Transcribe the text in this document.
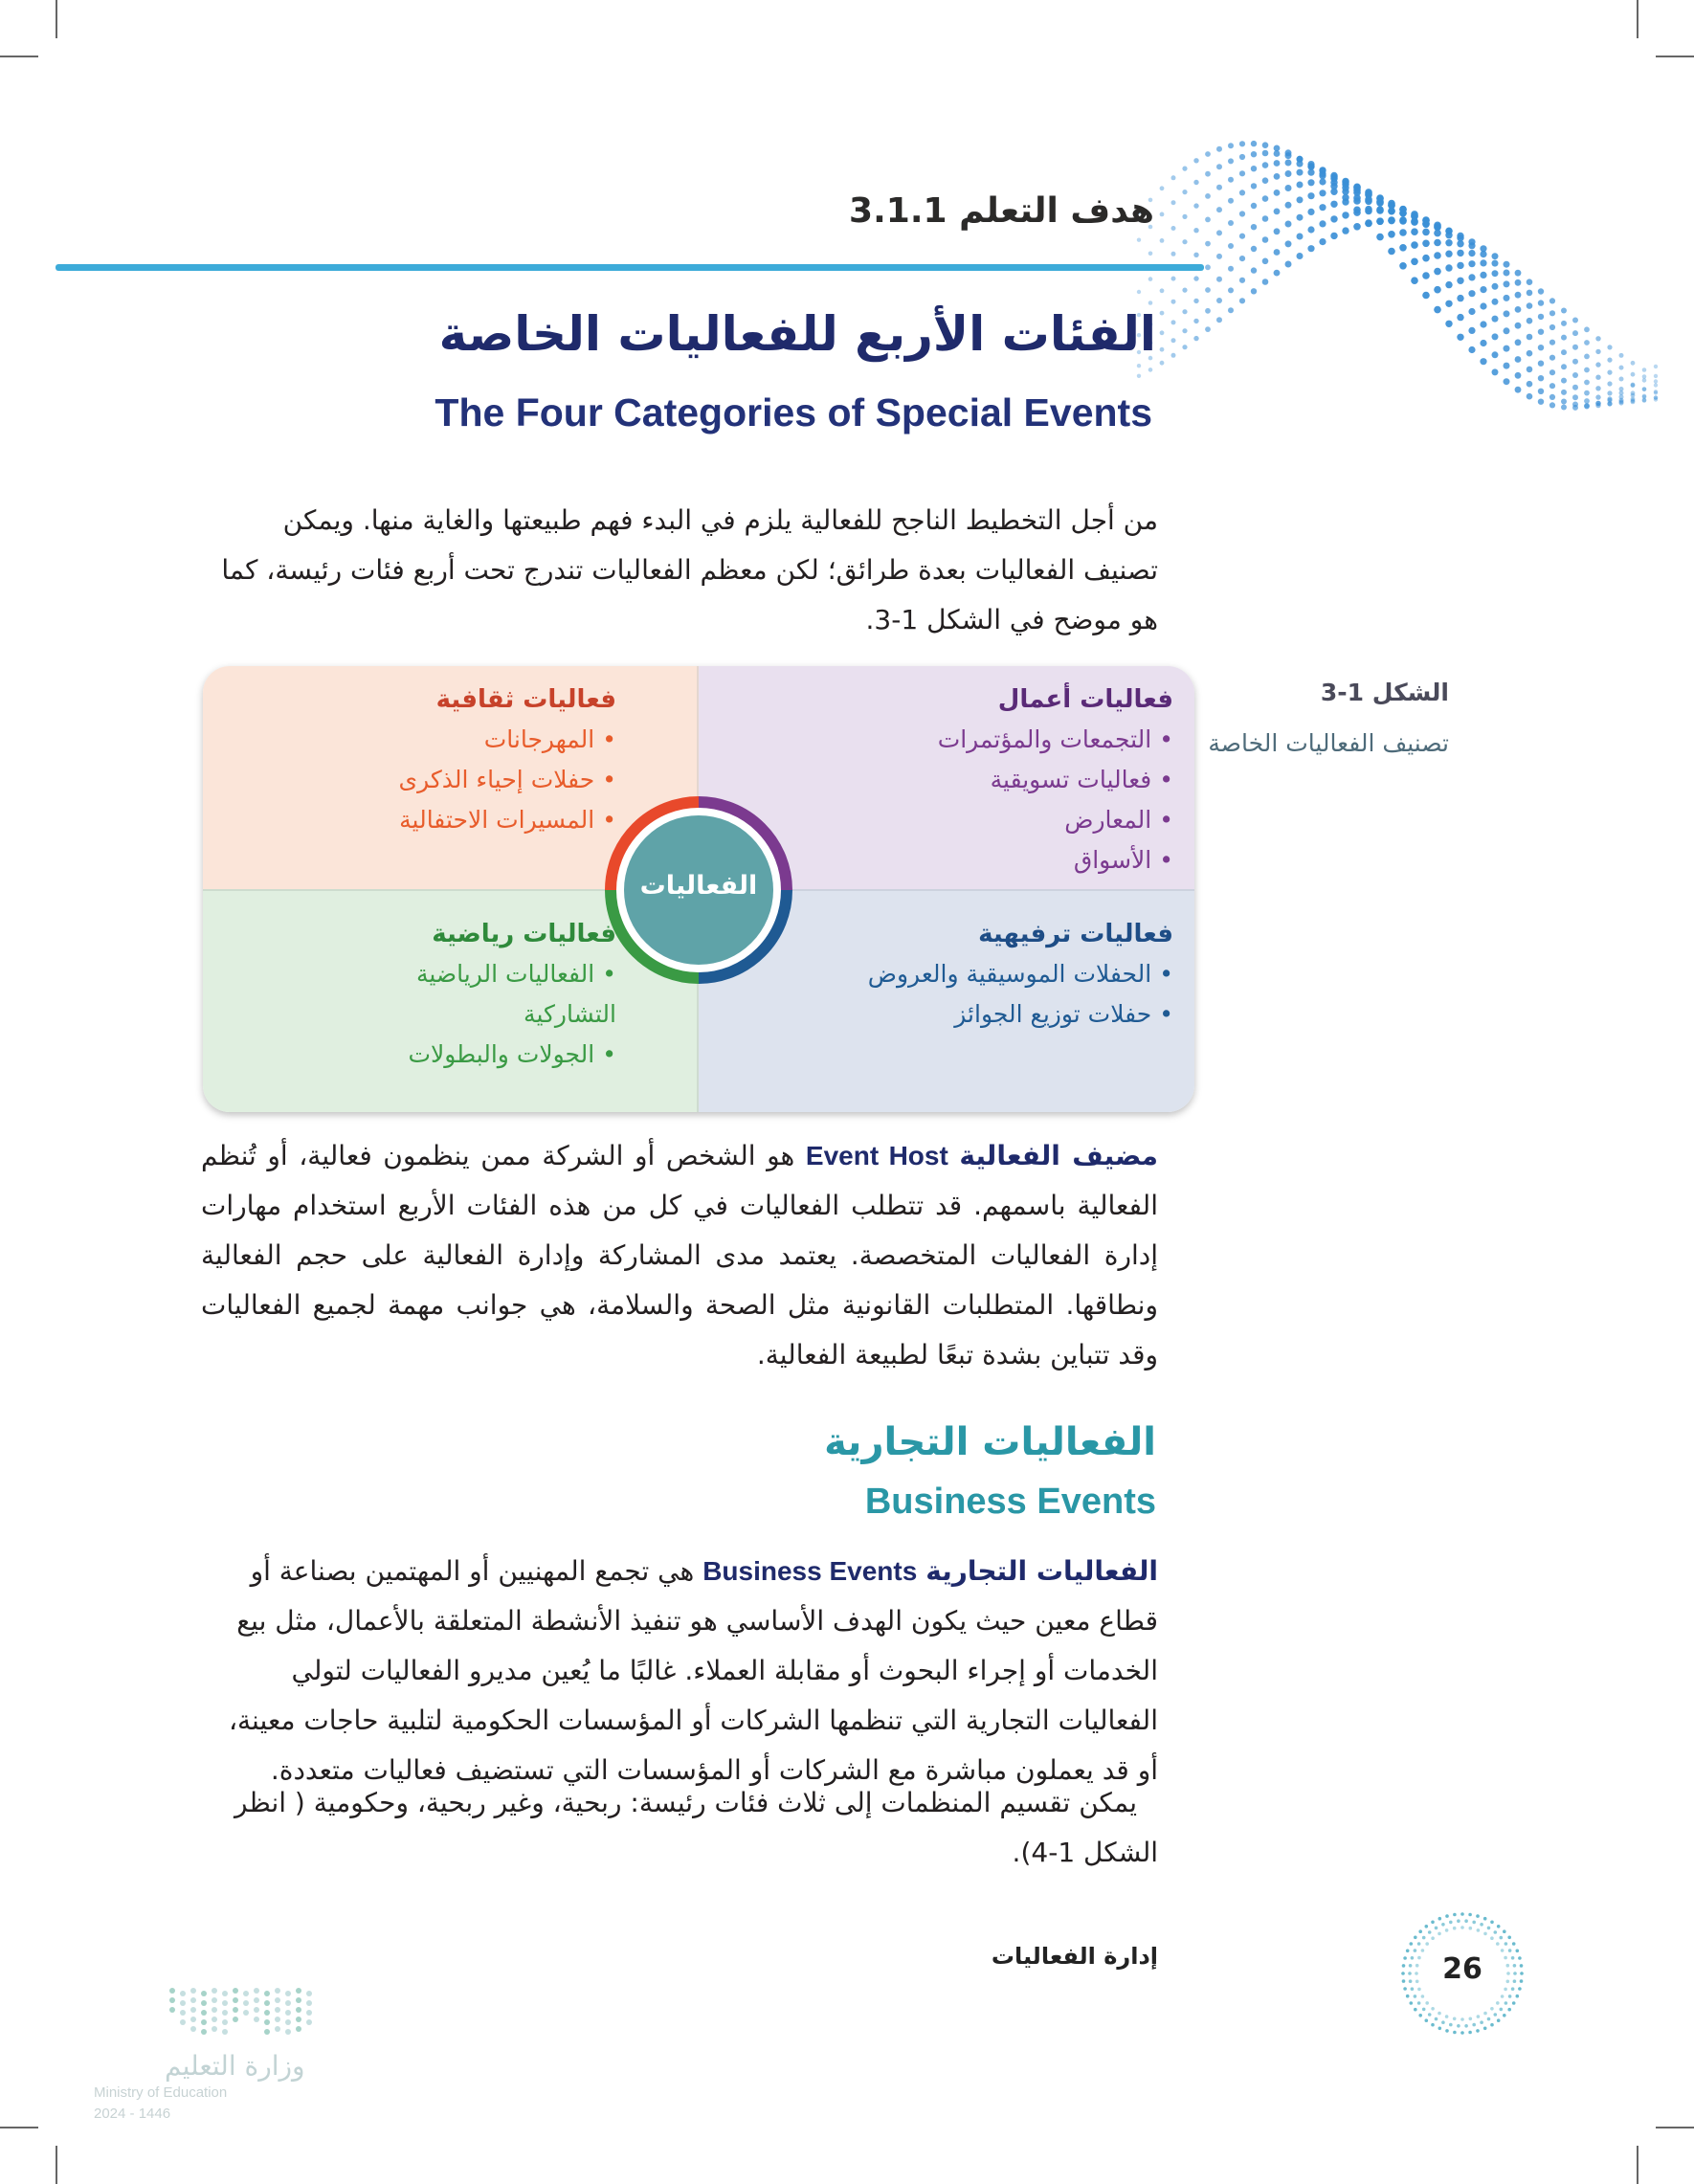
هدف التعلم 3.1.1
الفئات الأربع للفعاليات الخاصة
The Four Categories of Special Events

من أجل التخطيط الناجح للفعالية يلزم في البدء فهم طبيعتها والغاية منها. ويمكن تصنيف الفعاليات بعدة طرائق؛ لكن معظم الفعاليات تندرج تحت أربع فئات رئيسة، كما هو موضح في الشكل 1-3.

الشكل 1-3
تصنيف الفعاليات الخاصة
فعاليات أعمال
• التجمعات والمؤتمرات
• فعاليات تسويقية
• المعارض
• الأسواق
فعاليات ثقافية
• المهرجانات
• حفلات إحياء الذكرى
• المسيرات الاحتفالية
فعاليات ترفيهية
• الحفلات الموسيقية والعروض
• حفلات توزيع الجوائز
فعاليات رياضية
• الفعاليات الرياضية التشاركية
• الجولات والبطولات
الفعاليات

مضيف الفعالية Event Host هو الشخص أو الشركة ممن ينظمون فعالية، أو تُنظم الفعالية باسمهم. قد تتطلب الفعاليات في كل من هذه الفئات الأربع استخدام مهارات إدارة الفعاليات المتخصصة. يعتمد مدى المشاركة وإدارة الفعالية على حجم الفعالية ونطاقها. المتطلبات القانونية مثل الصحة والسلامة، هي جوانب مهمة لجميع الفعاليات وقد تتباين بشدة تبعًا لطبيعة الفعالية.

الفعاليات التجارية
Business Events

الفعاليات التجارية Business Events هي تجمع المهنيين أو المهتمين بصناعة أو قطاع معين حيث يكون الهدف الأساسي هو تنفيذ الأنشطة المتعلقة بالأعمال، مثل بيع الخدمات أو إجراء البحوث أو مقابلة العملاء. غالبًا ما يُعين مديرو الفعاليات لتولي الفعاليات التجارية التي تنظمها الشركات أو المؤسسات الحكومية لتلبية حاجات معينة، أو قد يعملون مباشرة مع الشركات أو المؤسسات التي تستضيف فعاليات متعددة.

يمكن تقسيم المنظمات إلى ثلاث فئات رئيسة: ربحية، وغير ربحية، وحكومية ( انظر الشكل 1-4).

26
إدارة الفعاليات
وزارة التعليم
Ministry of Education
2024 - 1446
